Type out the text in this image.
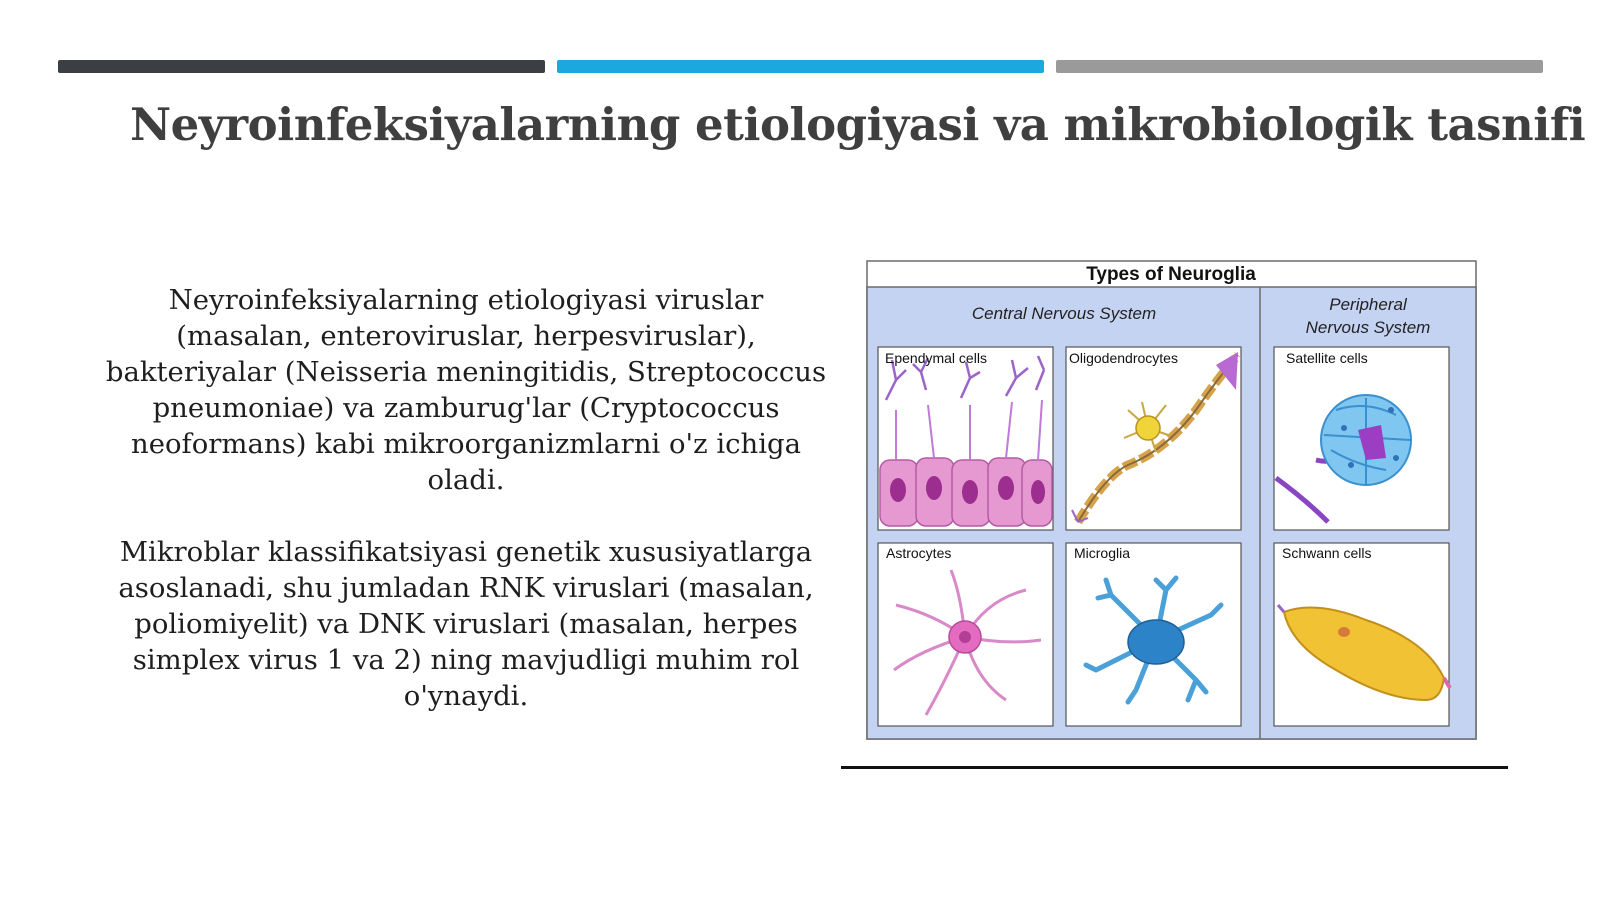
Neyroinfeksiyalarning etiologiyasi va mikrobiologik tasnifi
Neyroinfeksiyalarning etiologiyasi viruslar (masalan, enteroviruslar, herpesviruslar), bakteriyalar (Neisseria meningitidis, Streptococcus pneumoniae) va zamburug'lar (Cryptococcus neoformans) kabi mikroorganizmlarni o'z ichiga oladi.
Mikroblar klassifikatsiyasi genetik xususiyatlarga asoslanadi, shu jumladan RNK viruslari (masalan, poliomiyelit) va DNK viruslari (masalan, herpes simplex virus 1 va 2) ning mavjudligi muhim rol o'ynaydi.
Types of Neuroglia
Central Nervous System	Peripheral
Nervous System
Ependymal cells	Oligodendrocytes	Satellite cells
Astrocytes	Microglia	Schwann cells
